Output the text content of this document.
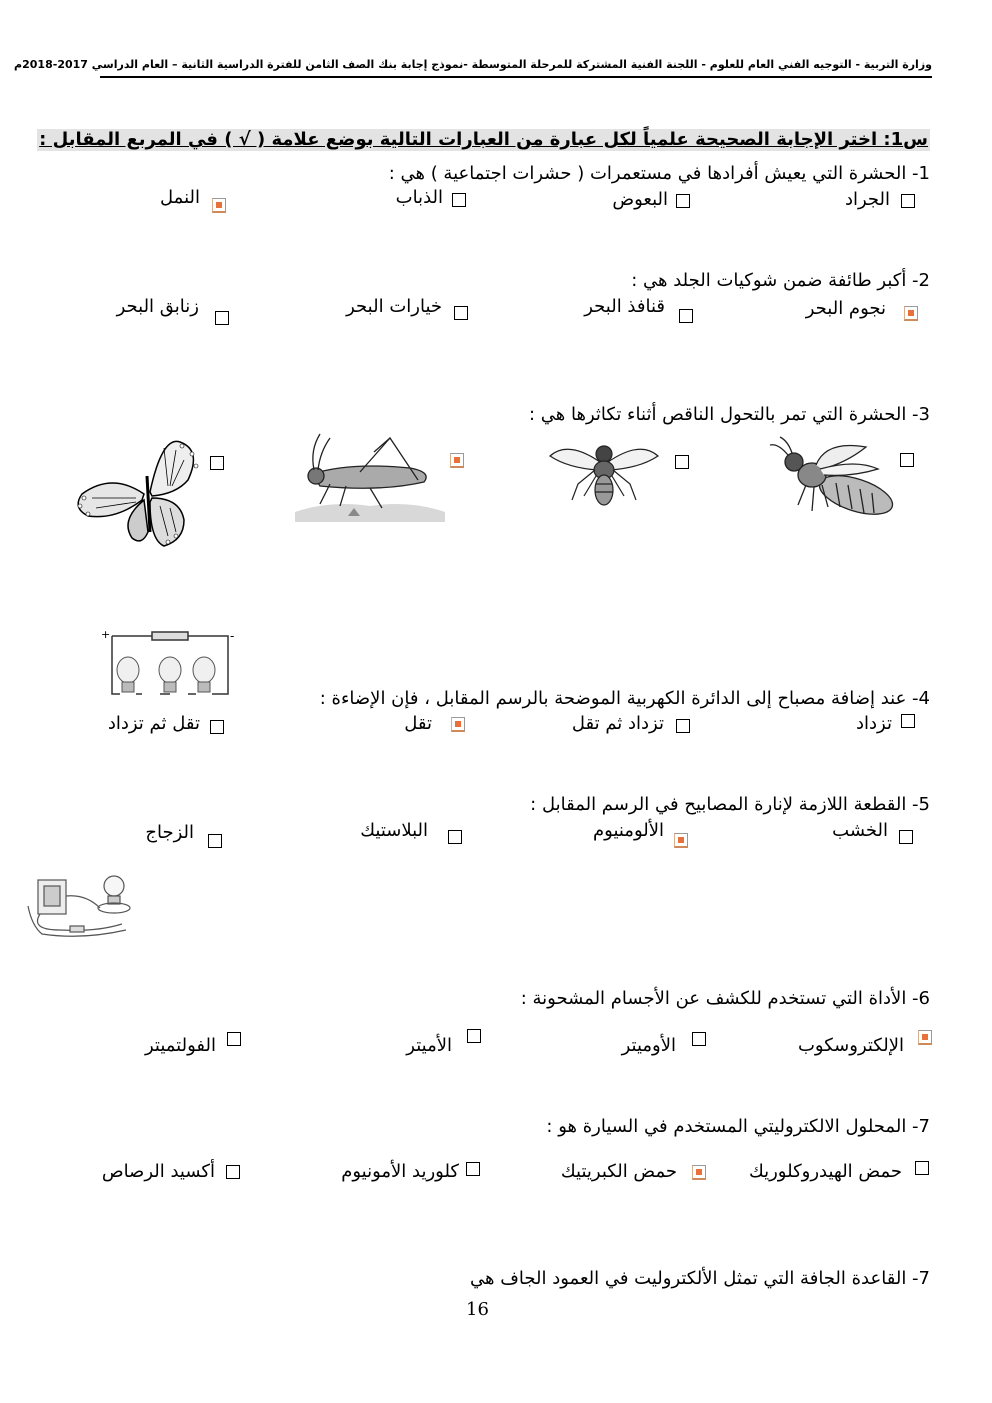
وزارة التربية - التوجيه الفني العام للعلوم - اللجنة الفنية المشتركة للمرحلة المتوسطة -نموذج إجابة بنك الصف الثامن للفترة الدراسية الثانية – العام الدراسي 2017-2018م
س1: اختر الإجابة الصحيحة علمياً لكل عبارة من العبارات التالية بوضع علامة ( √ ) في المربع المقابل :
1- الحشرة التي يعيش أفرادها في مستعمرات ( حشرات اجتماعية ) هي :
الجراد
البعوض
الذباب
النمل
2- أكبر طائفة ضمن شوكيات الجلد هي :
نجوم البحر
قنافذ البحر
خيارات البحر
زنابق البحر
3- الحشرة التي تمر بالتحول الناقص أثناء تكاثرها هي :
+	-
4- عند إضافة مصباح إلى الدائرة الكهربية الموضحة بالرسم المقابل ، فإن الإضاءة :
تزداد
تزداد ثم تقل
تقل
تقل ثم تزداد
5- القطعة اللازمة لإنارة المصابيح في الرسم المقابل :
الخشب
الألومنيوم
البلاستيك
الزجاج
6- الأداة التي تستخدم للكشف عن الأجسام المشحونة :
الإلكتروسكوب
الأوميتر
الأميتر
الفولتميتر
7- المحلول الالكتروليتي المستخدم في السيارة هو :
حمض الهيدروكلوريك
حمض الكبريتيك
كلوريد الأمونيوم
أكسيد الرصاص
7- القاعدة الجافة التي تمثل الألكتروليت في العمود الجاف هي
16
